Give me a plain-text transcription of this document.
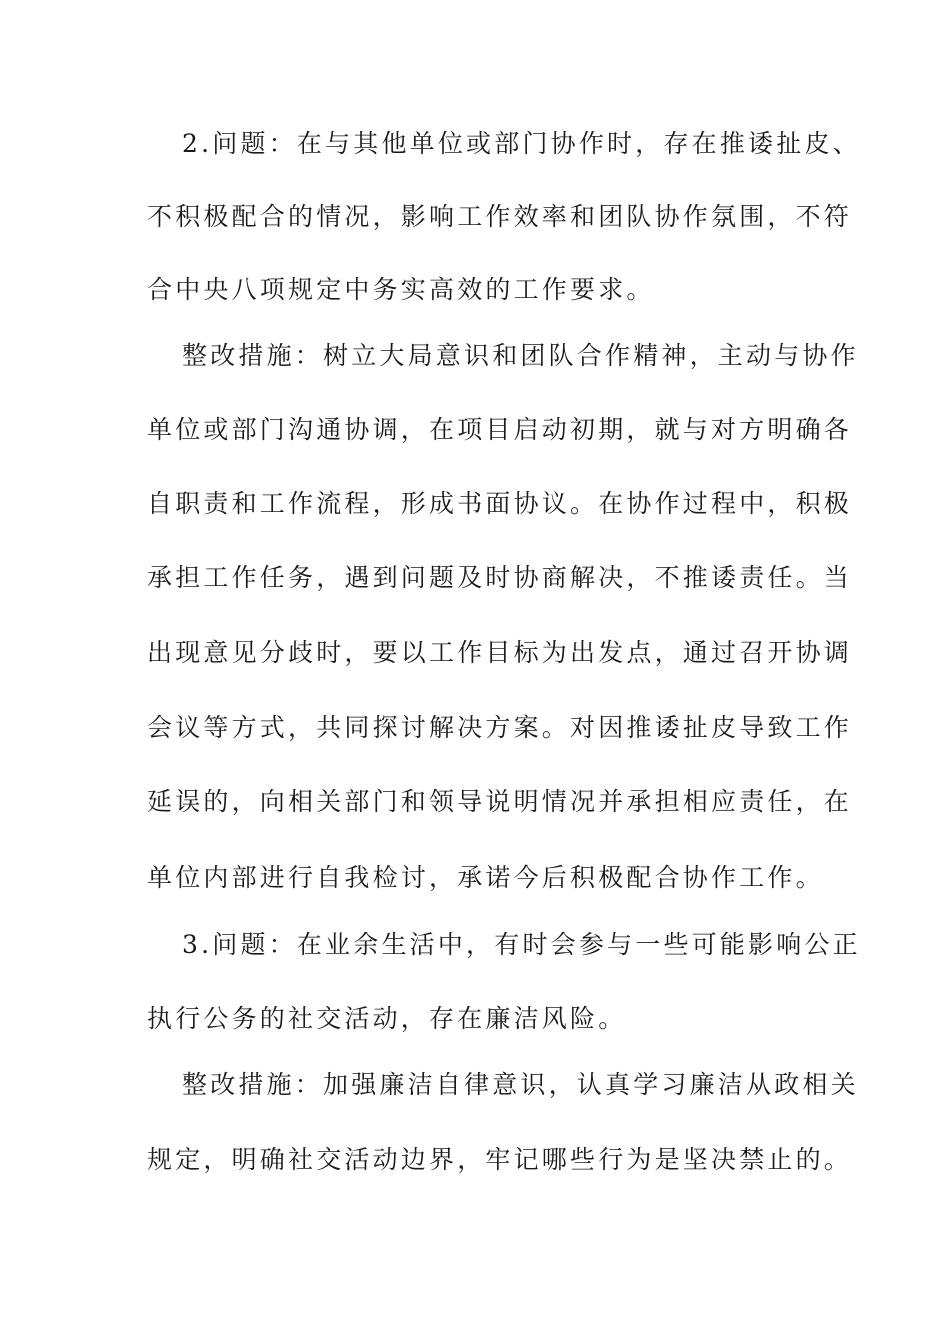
2.问题：在与其他单位或部门协作时，存在推诿扯皮、
不积极配合的情况，影响工作效率和团队协作氛围，不符
合中央八项规定中务实高效的工作要求。
整改措施：树立大局意识和团队合作精神，主动与协作
单位或部门沟通协调，在项目启动初期，就与对方明确各
自职责和工作流程，形成书面协议。在协作过程中，积极
承担工作任务，遇到问题及时协商解决，不推诿责任。当
出现意见分歧时，要以工作目标为出发点，通过召开协调
会议等方式，共同探讨解决方案。对因推诿扯皮导致工作
延误的，向相关部门和领导说明情况并承担相应责任，在
单位内部进行自我检讨，承诺今后积极配合协作工作。
3.问题：在业余生活中，有时会参与一些可能影响公正
执行公务的社交活动，存在廉洁风险。
整改措施：加强廉洁自律意识，认真学习廉洁从政相关
规定，明确社交活动边界，牢记哪些行为是坚决禁止的。
